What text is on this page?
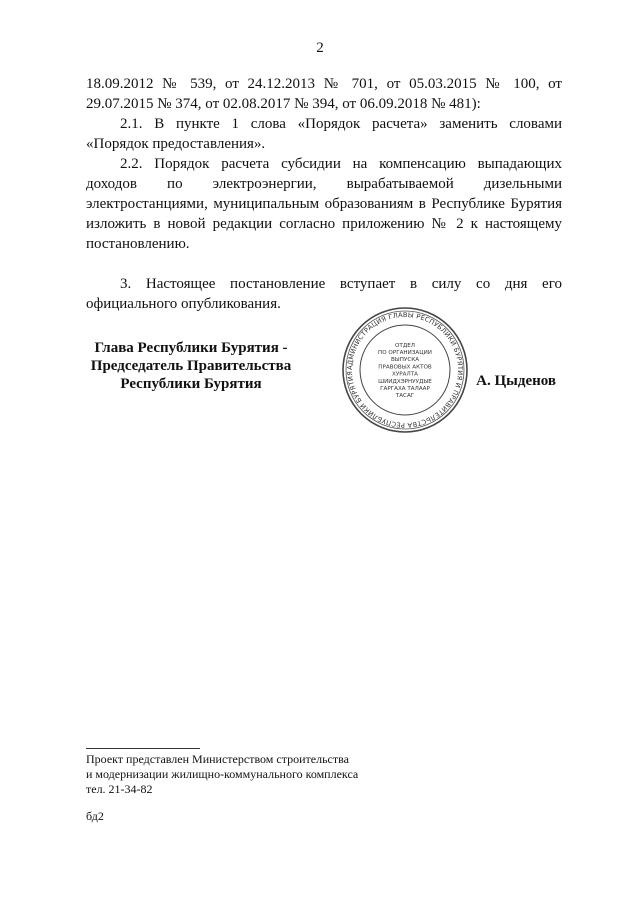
2

18.09.2012 № 539, от 24.12.2013 № 701, от 05.03.2015 № 100, от 29.07.2015 № 374, от 02.08.2017 № 394, от 06.09.2018 № 481):

2.1. В пунктe 1 слова «Порядок расчета» заменить словами «Порядок предоставления».

2.2. Порядок расчета субсидии на компенсацию выпадающих доходов по электроэнергии, вырабатываемой дизельными электростанциями, муниципальным образованиям в Республике Бурятия изложить в новой редакции согласно приложению № 2 к настоящему постановлению.

3. Настоящее постановление вступает в силу со дня его официального опубликования.

Глава Республики Бурятия -
Председатель Правительства
Республики Бурятия
АДМИНИСТРАЦИЯ ГЛАВЫ РЕСПУБЛИКИ БУРЯТИЯ И ПРАВИТЕЛЬСТВА РЕСПУБЛИКИ БУРЯТИЯ
ОТДЕЛ
ПО ОРГАНИЗАЦИИ
ВЫПУСКА
ПРАВОВЫХ АКТОВ
ХУРАЛТА
ШИИДХЭРНУУДЫЕ
ГАРГАХА ТАЛААР
ТАСАГ
А. Цыденов
Проект представлен Министерством строительства
и модернизации жилищно-коммунального комплекса
тел. 21-34-82
бд2
